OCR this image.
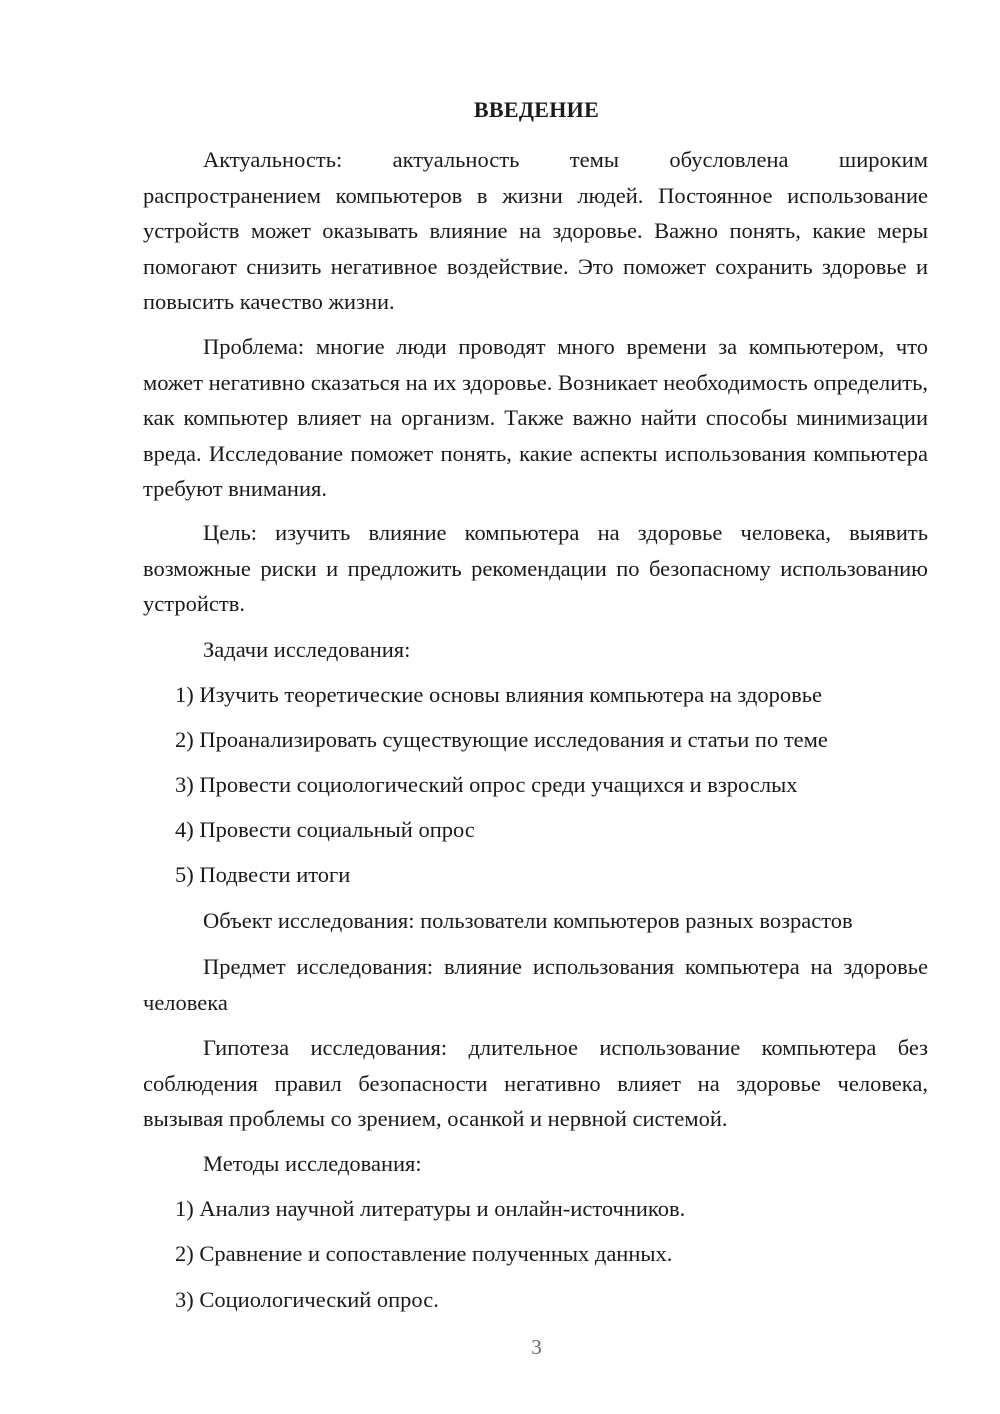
ВВЕДЕНИЕ

Актуальность: актуальность темы обусловлена широким распространением компьютеров в жизни людей. Постоянное использование устройств может оказывать влияние на здоровье. Важно понять, какие меры помогают снизить негативное воздействие. Это поможет сохранить здоровье и повысить качество жизни.

Проблема: многие люди проводят много времени за компьютером, что может негативно сказаться на их здоровье. Возникает необходимость определить, как компьютер влияет на организм. Также важно найти способы минимизации вреда. Исследование поможет понять, какие аспекты использования компьютера требуют внимания.

Цель: изучить влияние компьютера на здоровье человека, выявить возможные риски и предложить рекомендации по безопасному использованию устройств.

Задачи исследования:

1) Изучить теоретические основы влияния компьютера на здоровье

2) Проанализировать существующие исследования и статьи по теме

3) Провести социологический опрос среди учащихся и взрослых

4) Провести социальный опрос

5) Подвести итоги

Объект исследования: пользователи компьютеров разных возрастов

Предмет исследования: влияние использования компьютера на здоровье человека

Гипотеза исследования: длительное использование компьютера без соблюдения правил безопасности негативно влияет на здоровье человека, вызывая проблемы со зрением, осанкой и нервной системой.

Методы исследования:

1) Анализ научной литературы и онлайн-источников.

2) Сравнение и сопоставление полученных данных.

3) Социологический опрос.

3
